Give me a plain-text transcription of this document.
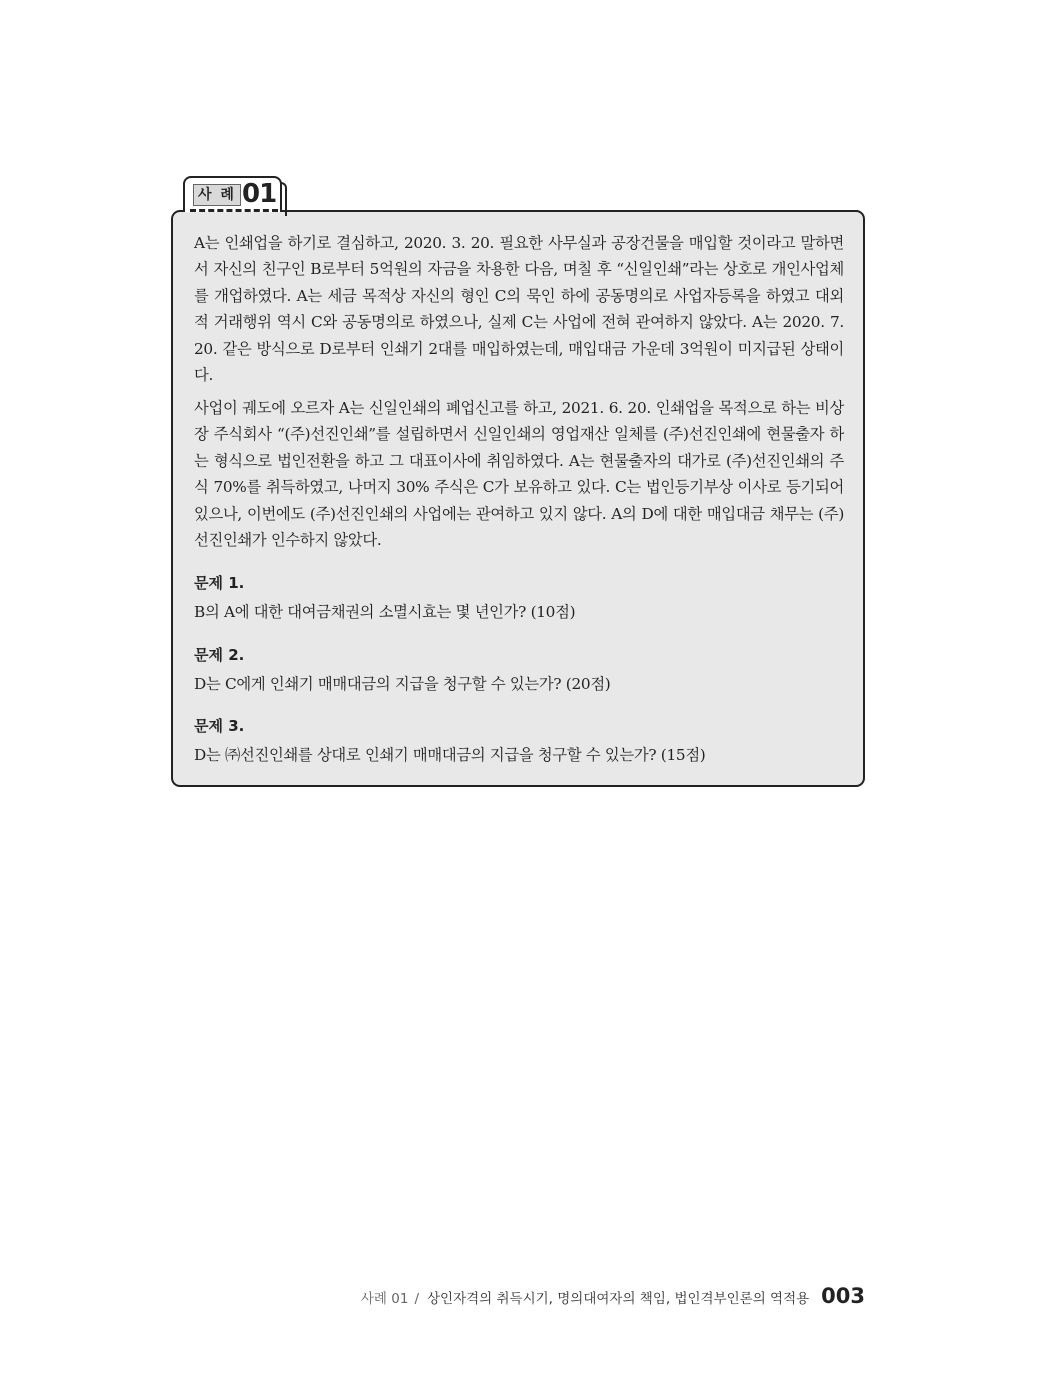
사 례 01

A는 인쇄업을 하기로 결심하고, 2020. 3. 20. 필요한 사무실과 공장건물을 매입할 것이라고 말하면서 자신의 친구인 B로부터 5억원의 자금을 차용한 다음, 며칠 후 “신일인쇄”라는 상호로 개인사업체를 개업하였다. A는 세금 목적상 자신의 형인 C의 묵인 하에 공동명의로 사업자등록을 하였고 대외적 거래행위 역시 C와 공동명의로 하였으나, 실제 C는 사업에 전혀 관여하지 않았다. A는 2020. 7. 20. 같은 방식으로 D로부터 인쇄기 2대를 매입하였는데, 매입대금 가운데 3억원이 미지급된 상태이다.

사업이 궤도에 오르자 A는 신일인쇄의 폐업신고를 하고, 2021. 6. 20. 인쇄업을 목적으로 하는 비상장 주식회사 “(주)선진인쇄”를 설립하면서 신일인쇄의 영업재산 일체를 (주)선진인쇄에 현물출자 하는 형식으로 법인전환을 하고 그 대표이사에 취임하였다. A는 현물출자의 대가로 (주)선진인쇄의 주식 70%를 취득하였고, 나머지 30% 주식은 C가 보유하고 있다. C는 법인등기부상 이사로 등기되어 있으나, 이번에도 (주)선진인쇄의 사업에는 관여하고 있지 않다. A의 D에 대한 매입대금 채무는 (주)선진인쇄가 인수하지 않았다.

문제 1.

B의 A에 대한 대여금채권의 소멸시효는 몇 년인가? (10점)

문제 2.

D는 C에게 인쇄기 매매대금의 지급을 청구할 수 있는가? (20점)

문제 3.

D는 ㈜선진인쇄를 상대로 인쇄기 매매대금의 지급을 청구할 수 있는가? (15점)

사례 01 / 상인자격의 취득시기, 명의대여자의 책임, 법인격부인론의 역적용 003
